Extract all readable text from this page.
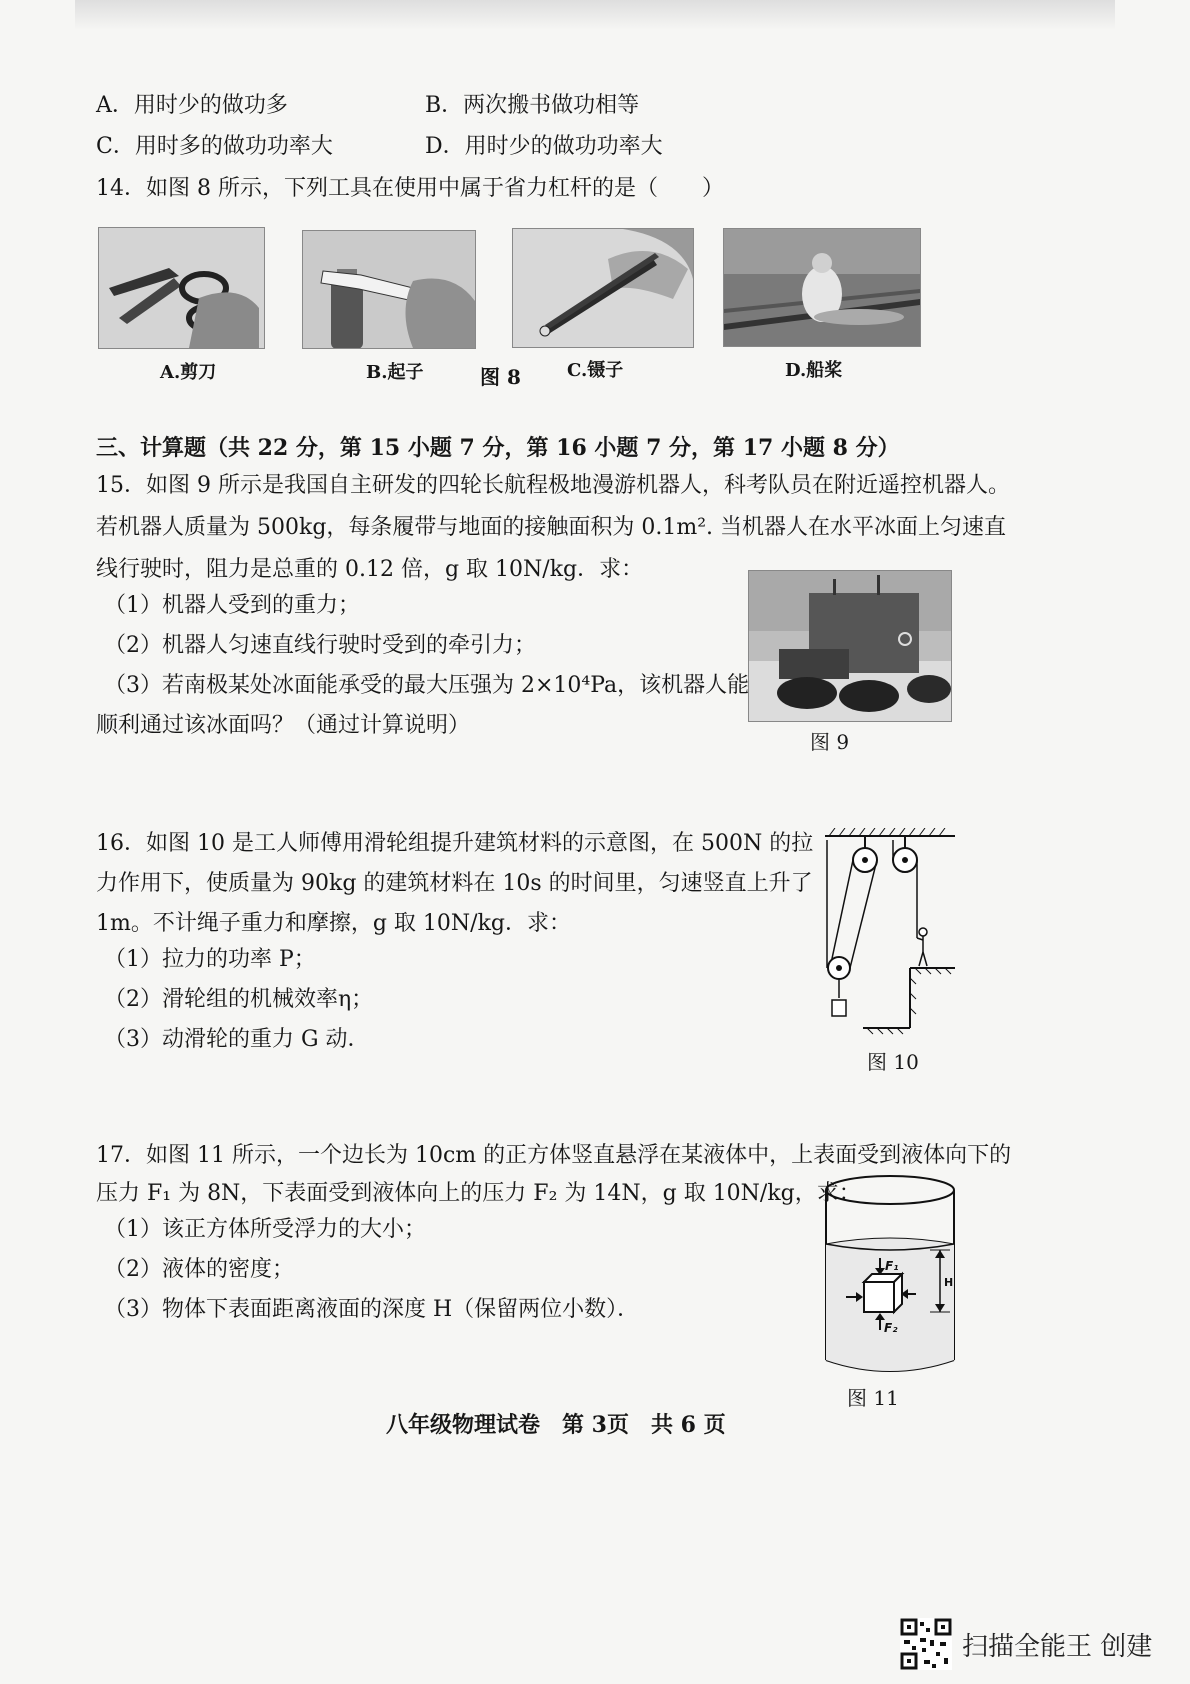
A．用时少的做功多	B．两次搬书做功相等
C．用时多的做功功率大	D．用时少的做功功率大
14．如图 8 所示，下列工具在使用中属于省力杠杆的是（　　）
A.剪刀	B.起子	图 8	C.镊子	D.船桨
三、计算题（共 22 分，第 15 小题 7 分，第 16 小题 7 分，第 17 小题 8 分）
15．如图 9 所示是我国自主研发的四轮长航程极地漫游机器人，科考队员在附近遥控机器人。
若机器人质量为 500kg，每条履带与地面的接触面积为 0.1m². 当机器人在水平冰面上匀速直
线行驶时，阻力是总重的 0.12 倍，g 取 10N/kg．求：
（1）机器人受到的重力；
（2）机器人匀速直线行驶时受到的牵引力；
（3）若南极某处冰面能承受的最大压强为 2×10⁴Pa，该机器人能
顺利通过该冰面吗？（通过计算说明）
图 9
16．如图 10 是工人师傅用滑轮组提升建筑材料的示意图，在 500N 的拉
力作用下，使质量为 90kg 的建筑材料在 10s 的时间里，匀速竖直上升了
1m。不计绳子重力和摩擦，g 取 10N/kg．求：
（1）拉力的功率 P；
（2）滑轮组的机械效率η；
（3）动滑轮的重力 G 动．
图 10
17．如图 11 所示，一个边长为 10cm 的正方体竖直悬浮在某液体中，上表面受到液体向下的
压力 F₁ 为 8N，下表面受到液体向上的压力 F₂ 为 14N，g 取 10N/kg，求：
（1）该正方体所受浮力的大小；
（2）液体的密度；
（3）物体下表面距离液面的深度 H（保留两位小数）．
F₁
F₂
H
图 11
八年级物理试卷　第 3页　共 6 页
扫描全能王 创建
